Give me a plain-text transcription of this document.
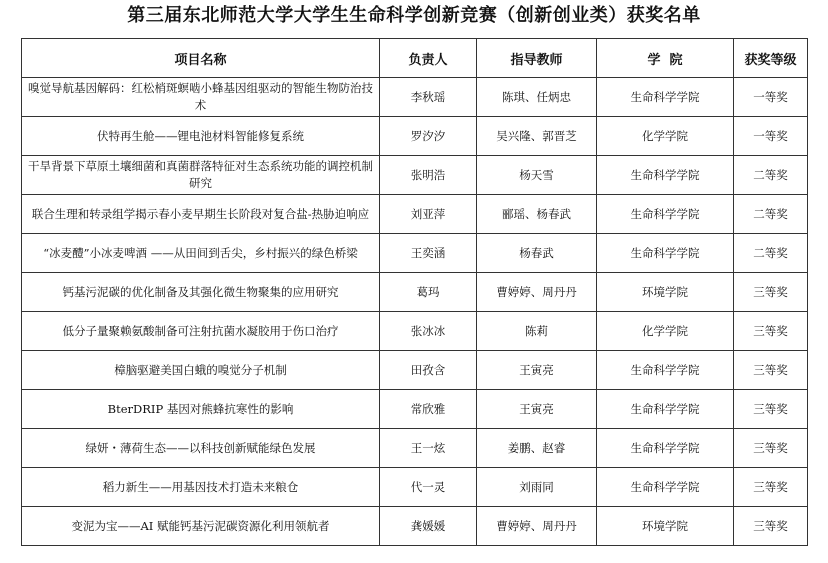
第三届东北师范大学大学生生命科学创新竞赛（创新创业类）获奖名单
项目名称	负责人	指导教师	学  院	获奖等级
嗅觉导航基因解码：红松梢斑螟啮小蜂基因组驱动的智能生物防治技术	李秋瑶	陈琪、任炳忠	生命科学学院	一等奖
伏特再生舱——锂电池材料智能修复系统	罗汐汐	吴兴隆、郭晋芝	化学学院	一等奖
干旱背景下草原土壤细菌和真菌群落特征对生态系统功能的调控机制研究	张明浩	杨天雪	生命科学学院	二等奖
联合生理和转录组学揭示春小麦早期生长阶段对复合盐-热胁迫响应	刘亚萍	郦瑶、杨春武	生命科学学院	二等奖
“冰麦醴”小冰麦啤酒 ——从田间到舌尖，乡村振兴的绿色桥梁	王奕涵	杨春武	生命科学学院	二等奖
钙基污泥碳的优化制备及其强化微生物聚集的应用研究	葛玛	曹婷婷、周丹丹	环境学院	三等奖
低分子量聚赖氨酸制备可注射抗菌水凝胶用于伤口治疗	张冰冰	陈莉	化学学院	三等奖
樟脑驱避美国白蛾的嗅觉分子机制	田孜含	王寅亮	生命科学学院	三等奖
BterDRIP 基因对熊蜂抗寒性的影响	常欣雅	王寅亮	生命科学学院	三等奖
绿妍・薄荷生态——以科技创新赋能绿色发展	王一炫	姜鹏、赵睿	生命科学学院	三等奖
稻力新生——用基因技术打造未来粮仓	代一灵	刘雨同	生命科学学院	三等奖
变泥为宝——AI 赋能钙基污泥碳资源化利用领航者	龚媛媛	曹婷婷、周丹丹	环境学院	三等奖
